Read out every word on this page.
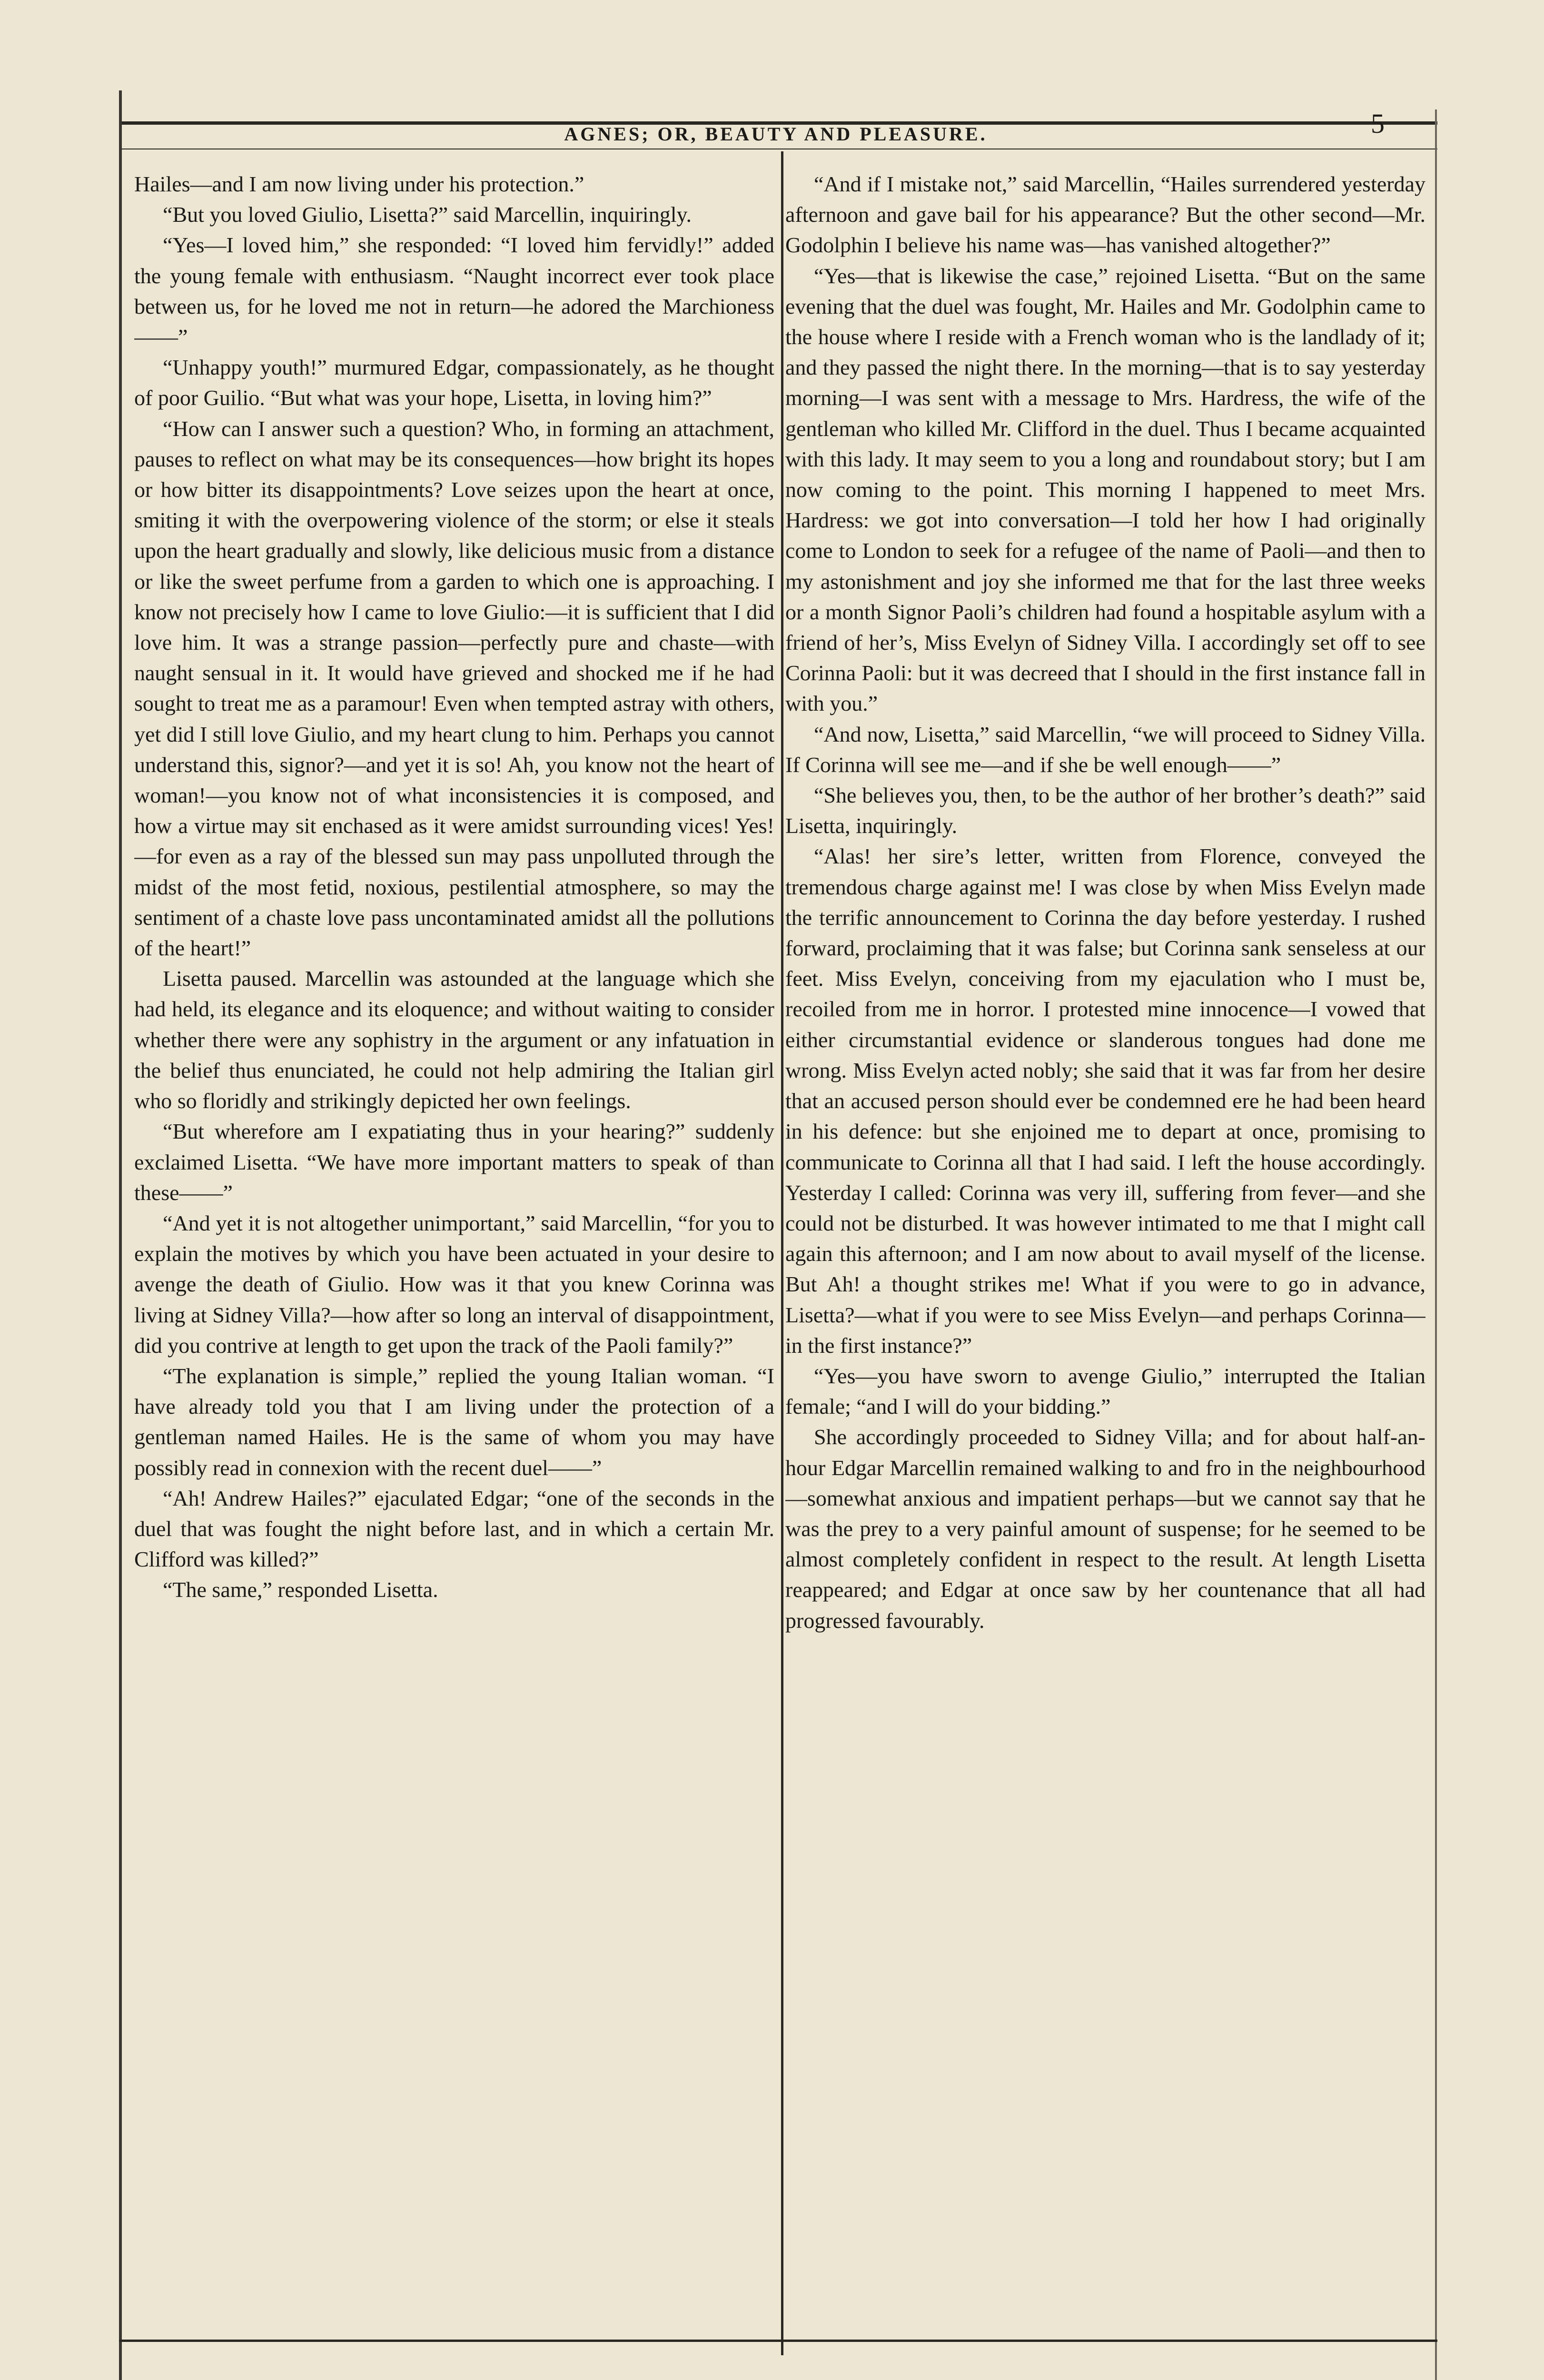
AGNES; OR, BEAUTY AND PLEASURE.	5

Hailes—and I am now living under his protection.”

“But you loved Giulio, Lisetta?” said Marcellin, inquiringly.

“Yes—I loved him,” she responded: “I loved him fervidly!” added the young female with enthusiasm. “Naught incorrect ever took place between us, for he loved me not in return—he adored the Marchioness——”

“Unhappy youth!” murmured Edgar, compassionately, as he thought of poor Guilio. “But what was your hope, Lisetta, in loving him?”

“How can I answer such a question? Who, in forming an attachment, pauses to reflect on what may be its consequences—how bright its hopes or how bitter its disappointments? Love seizes upon the heart at once, smiting it with the overpowering violence of the storm; or else it steals upon the heart gradually and slowly, like delicious music from a distance or like the sweet perfume from a garden to which one is approaching. I know not precisely how I came to love Giulio:—it is sufficient that I did love him. It was a strange passion—perfectly pure and chaste—with naught sensual in it. It would have grieved and shocked me if he had sought to treat me as a paramour! Even when tempted astray with others, yet did I still love Giulio, and my heart clung to him. Perhaps you cannot understand this, signor?—and yet it is so! Ah, you know not the heart of woman!—you know not of what inconsistencies it is composed, and how a virtue may sit enchased as it were amidst surrounding vices! Yes!—for even as a ray of the blessed sun may pass unpolluted through the midst of the most fetid, noxious, pestilential atmosphere, so may the sentiment of a chaste love pass uncontaminated amidst all the pollutions of the heart!”

Lisetta paused. Marcellin was astounded at the language which she had held, its elegance and its eloquence; and without waiting to consider whether there were any sophistry in the argument or any infatuation in the belief thus enunciated, he could not help admiring the Italian girl who so floridly and strikingly depicted her own feelings.

“But wherefore am I expatiating thus in your hearing?” suddenly exclaimed Lisetta. “We have more important matters to speak of than these——”

“And yet it is not altogether unimportant,” said Marcellin, “for you to explain the motives by which you have been actuated in your desire to avenge the death of Giulio. How was it that you knew Corinna was living at Sidney Villa?—how after so long an interval of disappointment, did you contrive at length to get upon the track of the Paoli family?”

“The explanation is simple,” replied the young Italian woman. “I have already told you that I am living under the protection of a gentleman named Hailes. He is the same of whom you may have possibly read in connexion with the recent duel——”

“Ah! Andrew Hailes?” ejaculated Edgar; “one of the seconds in the duel that was fought the night before last, and in which a certain Mr. Clifford was killed?”

“The same,” responded Lisetta.

“And if I mistake not,” said Marcellin, “Hailes surrendered yesterday afternoon and gave bail for his appearance? But the other second—Mr. Godolphin I believe his name was—has vanished altogether?”

“Yes—that is likewise the case,” rejoined Lisetta. “But on the same evening that the duel was fought, Mr. Hailes and Mr. Godolphin came to the house where I reside with a French woman who is the landlady of it; and they passed the night there. In the morning—that is to say yesterday morning—I was sent with a message to Mrs. Hardress, the wife of the gentleman who killed Mr. Clifford in the duel. Thus I became acquainted with this lady. It may seem to you a long and roundabout story; but I am now coming to the point. This morning I happened to meet Mrs. Hardress: we got into conversation—I told her how I had originally come to London to seek for a refugee of the name of Paoli—and then to my astonishment and joy she informed me that for the last three weeks or a month Signor Paoli’s children had found a hospitable asylum with a friend of her’s, Miss Evelyn of Sidney Villa. I accordingly set off to see Corinna Paoli: but it was decreed that I should in the first instance fall in with you.”

“And now, Lisetta,” said Marcellin, “we will proceed to Sidney Villa. If Corinna will see me—and if she be well enough——”

“She believes you, then, to be the author of her brother’s death?” said Lisetta, inquiringly.

“Alas! her sire’s letter, written from Florence, conveyed the tremendous charge against me! I was close by when Miss Evelyn made the terrific announcement to Corinna the day before yesterday. I rushed forward, proclaiming that it was false; but Corinna sank senseless at our feet. Miss Evelyn, conceiving from my ejaculation who I must be, recoiled from me in horror. I protested mine innocence—I vowed that either circumstantial evidence or slanderous tongues had done me wrong. Miss Evelyn acted nobly; she said that it was far from her desire that an accused person should ever be condemned ere he had been heard in his defence: but she enjoined me to depart at once, promising to communicate to Corinna all that I had said. I left the house accordingly. Yesterday I called: Corinna was very ill, suffering from fever—and she could not be disturbed. It was however intimated to me that I might call again this afternoon; and I am now about to avail myself of the license. But Ah! a thought strikes me! What if you were to go in advance, Lisetta?—what if you were to see Miss Evelyn—and perhaps Corinna—in the first instance?”

“Yes—you have sworn to avenge Giulio,” interrupted the Italian female; “and I will do your bidding.”

She accordingly proceeded to Sidney Villa; and for about half-an-hour Edgar Marcellin remained walking to and fro in the neighbourhood—somewhat anxious and impatient perhaps—but we cannot say that he was the prey to a very painful amount of suspense; for he seemed to be almost completely confident in respect to the result. At length Lisetta reappeared; and Edgar at once saw by her countenance that all had progressed favourably.
